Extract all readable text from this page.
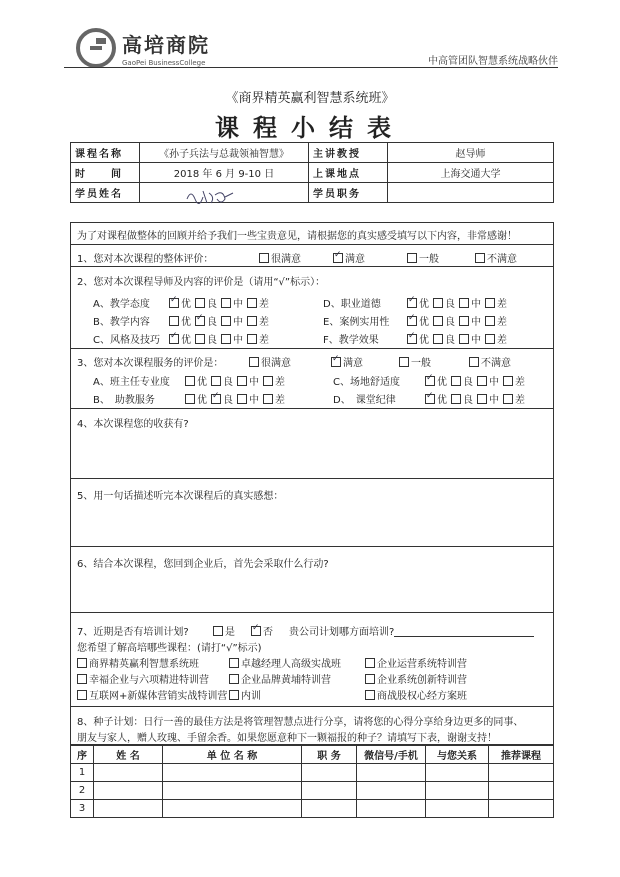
高培商院
GaoPei BusinessCollege	中高管团队智慧系统战略伙伴
《商界精英赢利智慧系统班》
课程小结表
课程名称	《孙子兵法与总裁领袖智慧》	主讲教授	赵导师
时　　间	2018 年 6 月 9-10 日	上课地点	上海交通大学
学员姓名		学员职务	
为了对课程做整体的回顾并给予我们一些宝贵意见，请根据您的真实感受填写以下内容，非常感谢！
1、您对本次课程的整体评价：	很满意 ✓	满意	一般	不满意
2、您对本次课程导师及内容的评价是（请用“√”标示）：
A、教学态度 ✓	优	良	中	差	D、职业道德 ✓	优	良	中	差
B、教学内容	优 ✓	良	中	差	E、案例实用性 ✓	优	良	中	差
C、风格及技巧 ✓	优	良	中	差	F、教学效果 ✓	优	良	中	差
3、您对本次课程服务的评价是：	很满意 ✓	满意	一般	不满意
A、班主任专业度	优	良	中	差	C、场地舒适度 ✓	优	良	中	差
B、　助教服务	优 ✓	良	中	差	D、　课堂纪律 ✓	优	良	中	差
4、本次课程您的收获有?
5、用一句话描述听完本次课程后的真实感想：
6、结合本次课程，您回到企业后，首先会采取什么行动?
7、近期是否有培训计划?	是 ✓	否 贵公司计划哪方面培训?
您希望了解高培哪些课程：(请打“√”标示)
商界精英赢利智慧系统班	卓越经理人高级实战班	企业运营系统特训营
幸福企业与六项精进特训营	企业品牌黄埔特训营	企业系统创新特训营
互联网+新媒体营销实战特训营	内训	商战股权心经方案班
8、种子计划：日行一善的最佳方法是将管理智慧点进行分享，请将您的心得分享给身边更多的同事、
朋友与家人，赠人玫瑰、手留余香。如果您愿意种下一颗福报的种子？请填写下表，谢谢支持！
序	姓 名	单 位 名 称	职 务	微信号/手机	与您关系	推荐课程
1						
2						
3						
